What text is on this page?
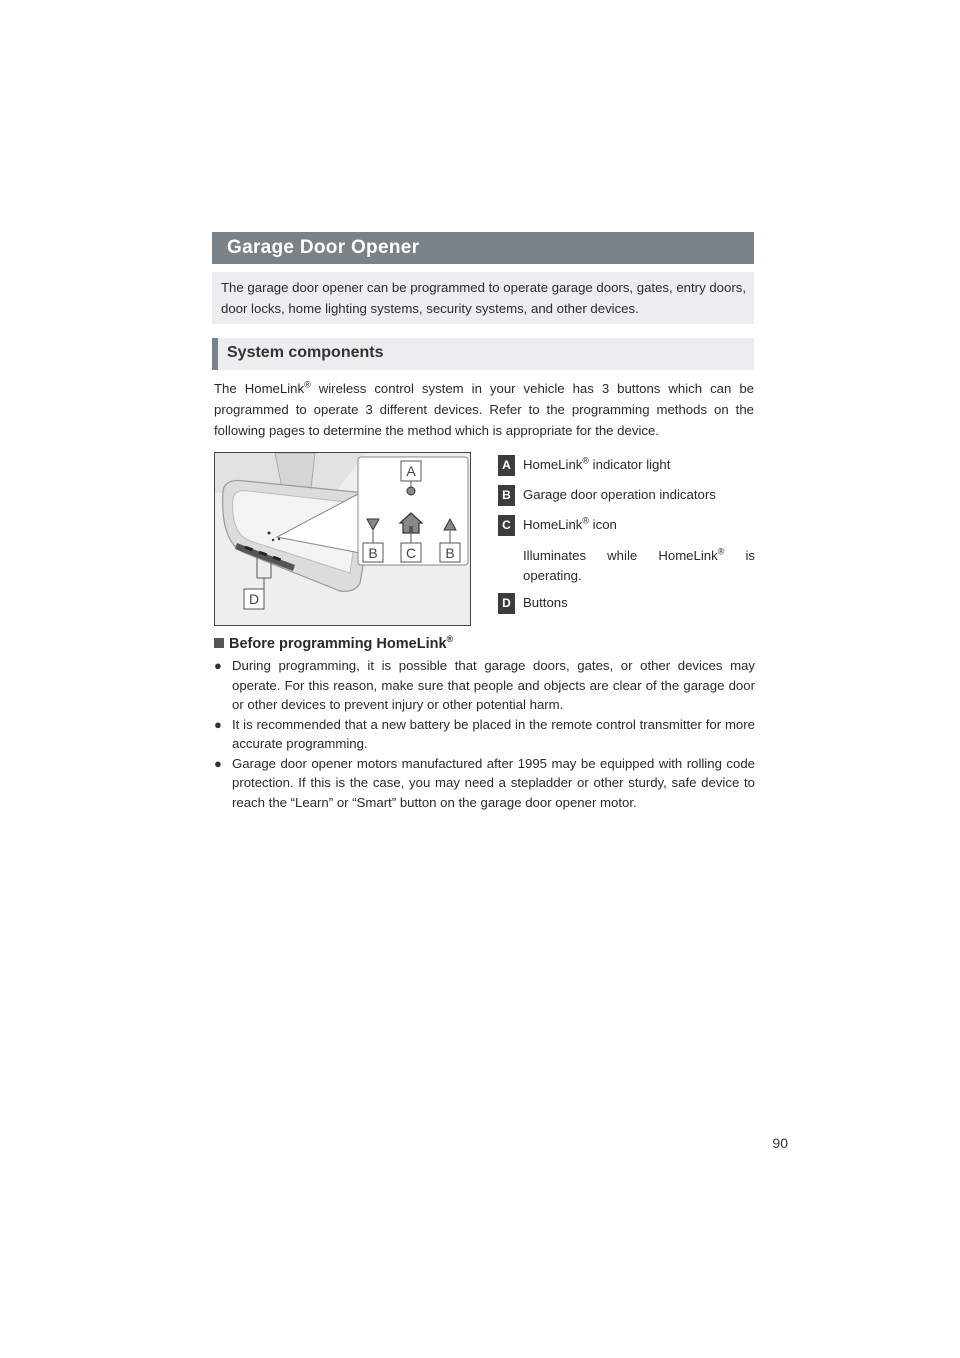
90
Garage Door Opener
The garage door opener can be programmed to operate garage doors, gates, entry doors, door locks, home lighting systems, security systems, and other devices.
System components

The HomeLink® wireless control system in your vehicle has 3 buttons which can be programmed to operate 3 different devices. Refer to the programming methods on the following pages to determine the method which is appropriate for the device.

A
B C B
D
A HomeLink® indicator light
B Garage door operation indicators
C HomeLink® icon
D Buttons
Illuminates while HomeLink® is operating.
Before programming HomeLink®
● During programming, it is possible that garage doors, gates, or other devices may operate. For this reason, make sure that people and objects are clear of the garage door or other devices to prevent injury or other potential harm.
● It is recommended that a new battery be placed in the remote control transmitter for more accurate programming.
● Garage door opener motors manufactured after 1995 may be equipped with rolling code protection. If this is the case, you may need a stepladder or other sturdy, safe device to reach the “Learn” or “Smart” button on the garage door opener motor.
